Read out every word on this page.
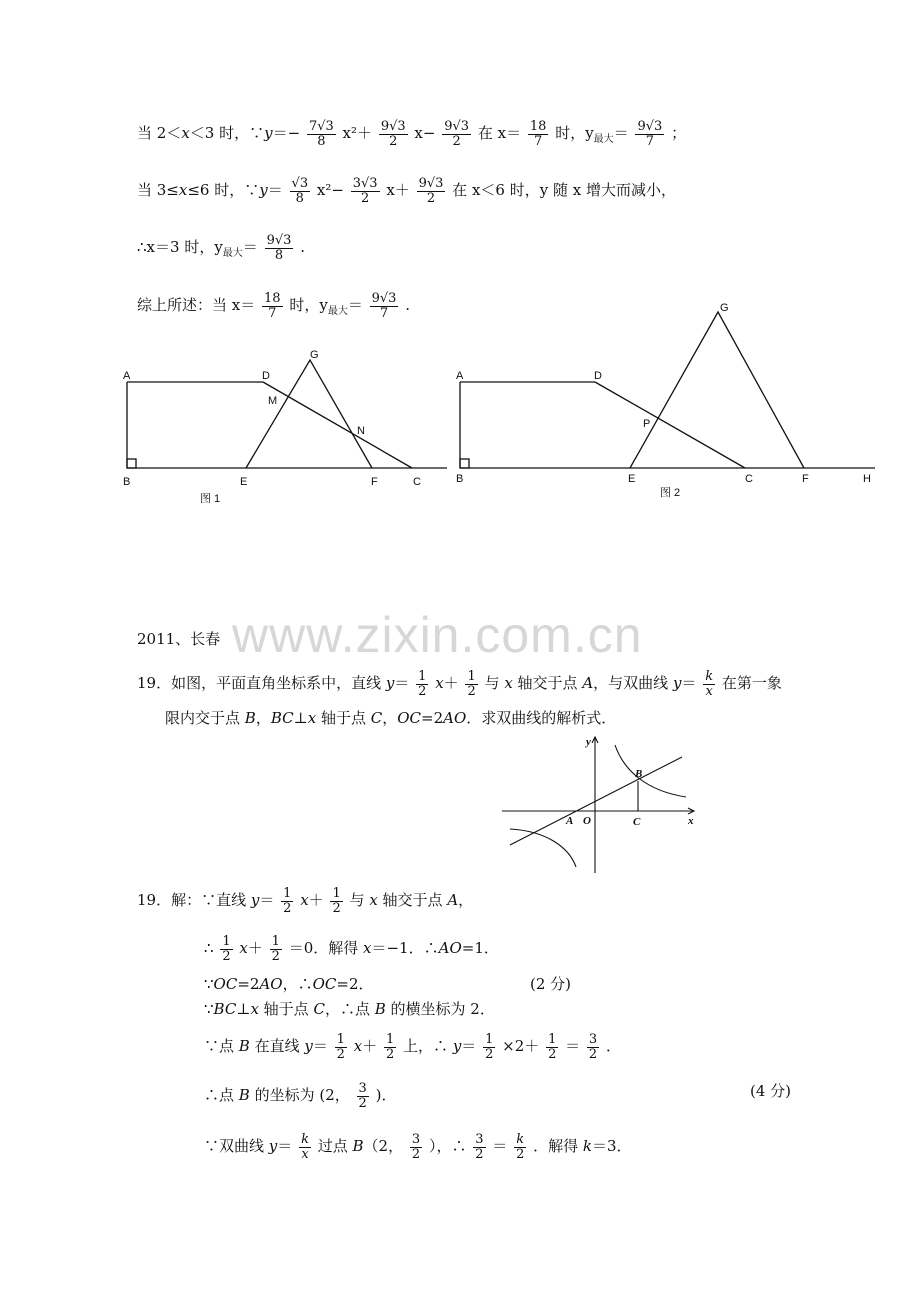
当 2＜x＜3 时，∵y＝− $\frac{7√3}{8} x^2+ \frac{9√3}{2} x- \frac{9√3}{2}$ 在 $x= \frac{18}{7}$ 时，$y_{最大}= \frac{9√3}{7}$ ；
当 3≤x≤6 时，∵y＝ $\frac{√3}{8} x^2- \frac{3√3}{2} x+ \frac{9√3}{2}$ 在 x＜6 时，y 随 x 增大而减小，
∴x＝3 时，$y_{最大}= \frac{9√3}{8}$ .
综上所述：当 $x= \frac{18}{7}$ 时，$y_{最大}= \frac{9√3}{7}$ .
A
B
D
G
M
N
E	F	C
图 1
A
B
D
G
P
E	C	F	H
图 2
www.zixin.com.cn
2011、长春
19．如图，平面直角坐标系中，直线 $y= \frac{1}{2} x+ \frac{1}{2}$ 与 x 轴交于点 A，与双曲线 $y= \frac{k}{x}$ 在第一象
限内交于点 B，BC⊥x 轴于点 C，OC=2AO．求双曲线的解析式．
y
x
B
A O	C
19．解：∵直线 $y= \frac{1}{2} x+ \frac{1}{2}$ 与 x 轴交于点 A，
∴ $\frac{1}{2} x+ \frac{1}{2} =0$．解得 x＝−1．∴AO=1．
∵OC=2AO，∴OC=2．	(2 分)
∵BC⊥x 轴于点 C，∴点 B 的横坐标为 2．
∵点 B 在直线 $y= \frac{1}{2} x+ \frac{1}{2}$ 上，∴ $y= \frac{1}{2} \times 2+ \frac{1}{2} = \frac{3}{2}$ ．
∴点 B 的坐标为 (2， $\frac{3}{2}$ )．	(4 分)
∵双曲线 $y= \frac{k}{x}$ 过点 B（2， $\frac{3}{2}$ ），∴ $\frac{3}{2} = \frac{k}{2}$ ．解得 k＝3．
